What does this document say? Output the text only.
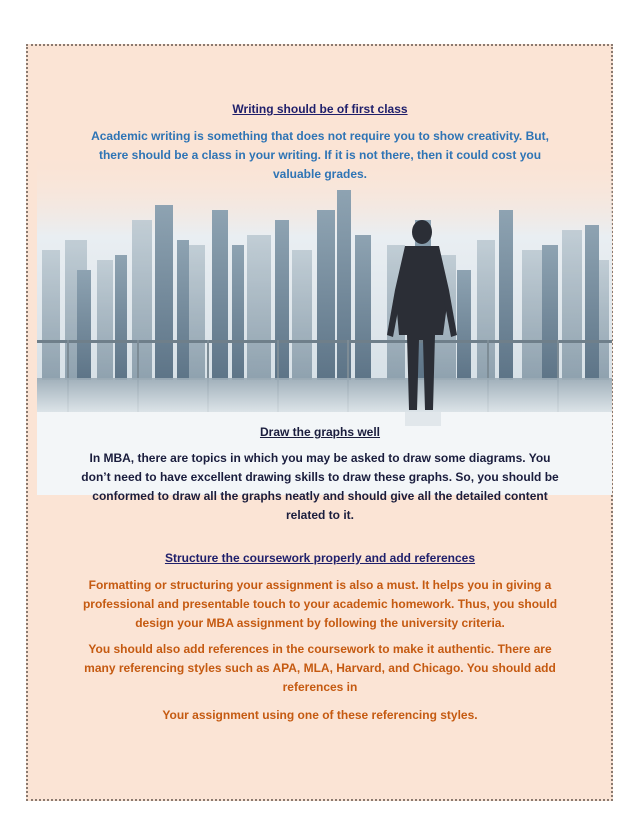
Writing should be of first class

Academic writing is something that does not require you to show creativity. But, there should be a class in your writing. If it is not there, then it could cost you valuable grades.

Draw the graphs well

In MBA, there are topics in which you may be asked to draw some diagrams. You don’t need to have excellent drawing skills to draw these graphs. So, you should be conformed to draw all the graphs neatly and should give all the detailed content related to it.

Structure the coursework properly and add references

Formatting or structuring your assignment is also a must. It helps you in giving a professional and presentable touch to your academic homework. Thus, you should design your MBA assignment by following the university criteria.

You should also add references in the coursework to make it authentic. There are many referencing styles such as APA, MLA, Harvard, and Chicago. You should add references in

Your assignment using one of these referencing styles.
